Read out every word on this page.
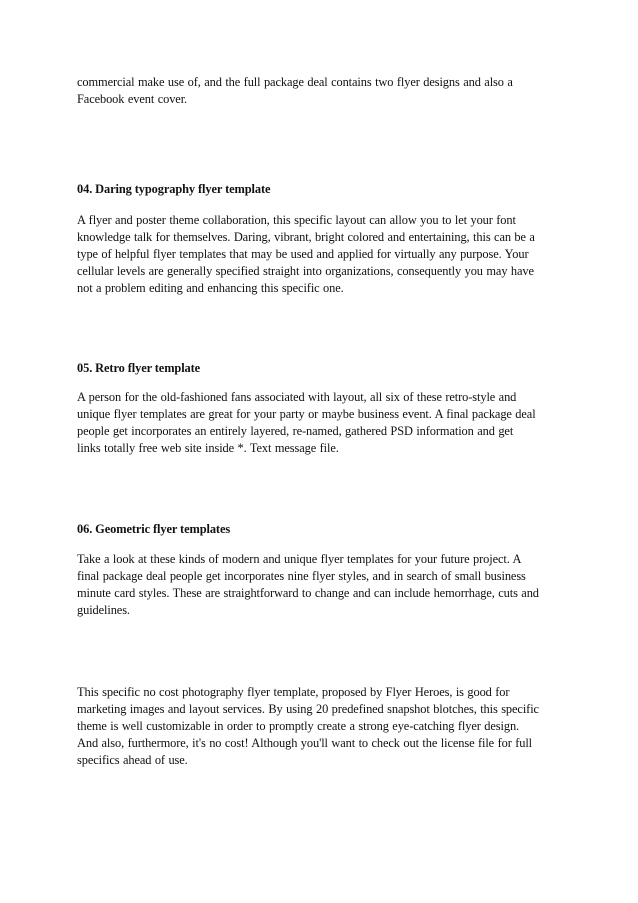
commercial make use of, and the full package deal contains two flyer designs and also a
Facebook event cover.
04. Daring typography flyer template
A flyer and poster theme collaboration, this specific layout can allow you to let your font
knowledge talk for themselves. Daring, vibrant, bright colored and entertaining, this can be a
type of helpful flyer templates that may be used and applied for virtually any purpose. Your
cellular levels are generally specified straight into organizations, consequently you may have
not a problem editing and enhancing this specific one.
05. Retro flyer template
A person for the old-fashioned fans associated with layout, all six of these retro-style and
unique flyer templates are great for your party or maybe business event. A final package deal
people get incorporates an entirely layered, re-named, gathered PSD information and get
links totally free web site inside *. Text message file.
06. Geometric flyer templates
Take a look at these kinds of modern and unique flyer templates for your future project. A
final package deal people get incorporates nine flyer styles, and in search of small business
minute card styles. These are straightforward to change and can include hemorrhage, cuts and
guidelines.
This specific no cost photography flyer template, proposed by Flyer Heroes, is good for
marketing images and layout services. By using 20 predefined snapshot blotches, this specific
theme is well customizable in order to promptly create a strong eye-catching flyer design.
And also, furthermore, it's no cost! Although you'll want to check out the license file for full
specifics ahead of use.
